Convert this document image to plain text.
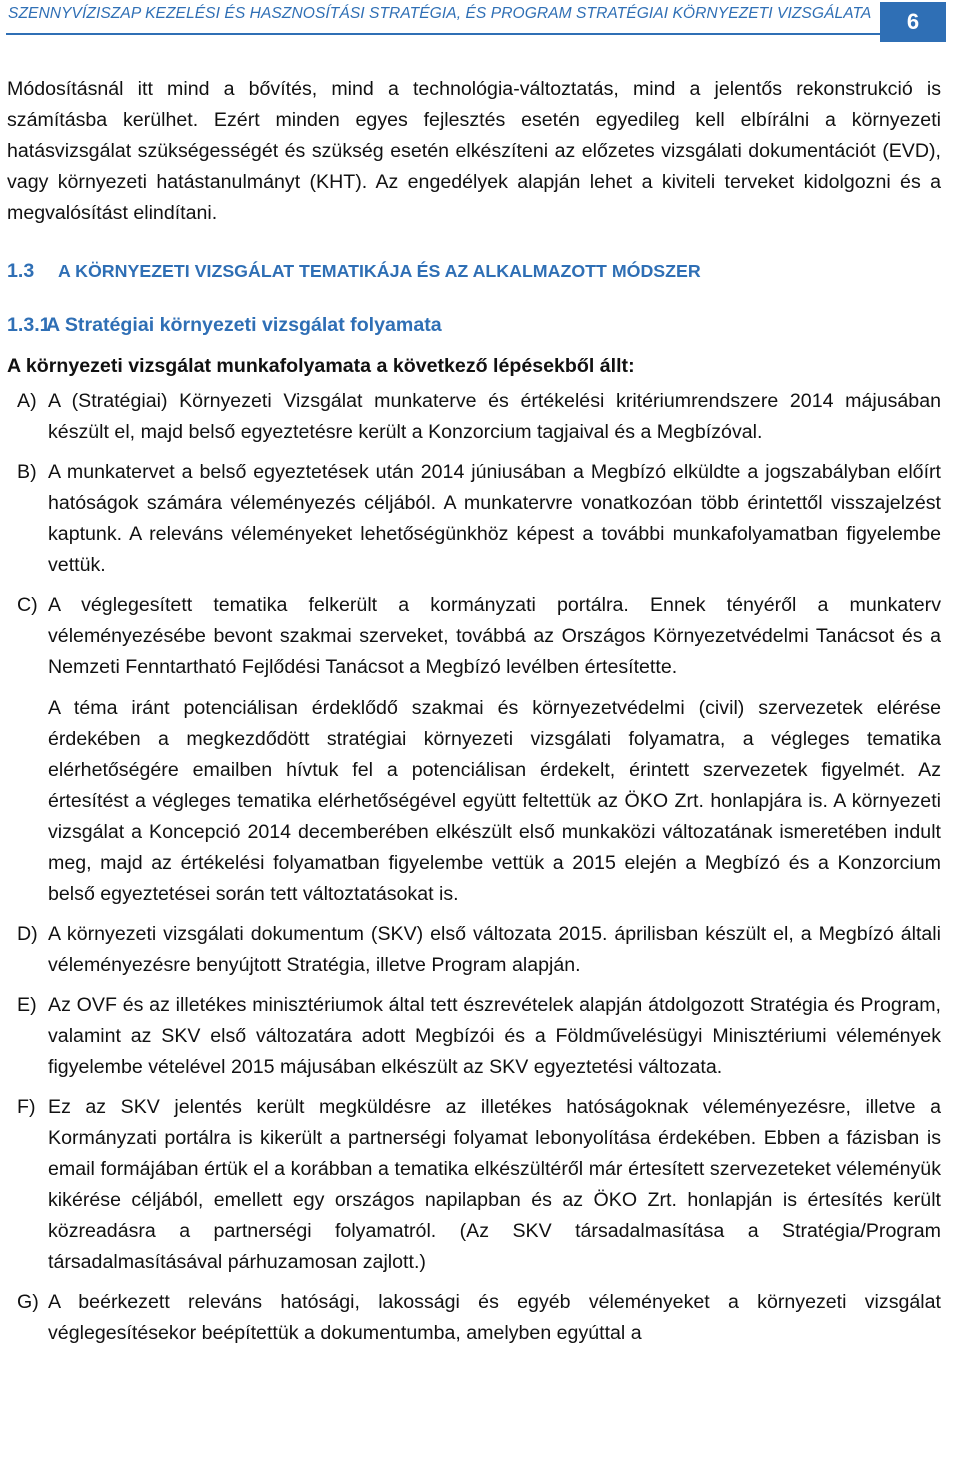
SZENNYVÍZISZAP KEZELÉSI ÉS HASZNOSÍTÁSI STRATÉGIA, ÉS PROGRAM STRATÉGIAI KÖRNYEZETI VIZSGÁLATA	6

Módosításnál itt mind a bővítés, mind a technológia-változtatás, mind a jelentős rekonstrukció is számításba kerülhet. Ezért minden egyes fejlesztés esetén egyedileg kell elbírálni a környezeti hatásvizsgálat szükségességét és szükség esetén elkészíteni az előzetes vizsgálati dokumentációt (EVD), vagy környezeti hatástanulmányt (KHT). Az engedélyek alapján lehet a kiviteli terveket kidolgozni és a megvalósítást elindítani.

1.3 A KÖRNYEZETI VIZSGÁLAT TEMATIKÁJA ÉS AZ ALKALMAZOTT MÓDSZER
1.3.1A Stratégiai környezeti vizsgálat folyamata
A környezeti vizsgálat munkafolyamata a következő lépésekből állt:
A) A (Stratégiai) Környezeti Vizsgálat munkaterve és értékelési kritériumrendszere 2014 májusában készült el, majd belső egyeztetésre került a Konzorcium tagjaival és a Megbízóval.
B) A munkatervet a belső egyeztetések után 2014 júniusában a Megbízó elküldte a jogszabályban előírt hatóságok számára véleményezés céljából. A munkatervre vonatkozóan több érintettől visszajelzést kaptunk. A releváns véleményeket lehetőségünkhöz képest a további munkafolyamatban figyelembe vettük.
C) A véglegesített tematika felkerült a kormányzati portálra. Ennek tényéről a munkaterv véleményezésébe bevont szakmai szerveket, továbbá az Országos Környezetvédelmi Tanácsot és a Nemzeti Fenntartható Fejlődési Tanácsot a Megbízó levélben értesítette.
A téma iránt potenciálisan érdeklődő szakmai és környezetvédelmi (civil) szervezetek elérése érdekében a megkezdődött stratégiai környezeti vizsgálati folyamatra, a végleges tematika elérhetőségére emailben hívtuk fel a potenciálisan érdekelt, érintett szervezetek figyelmét. Az értesítést a végleges tematika elérhetőségével együtt feltettük az ÖKO Zrt. honlapjára is. A környezeti vizsgálat a Koncepció 2014 decemberében elkészült első munkaközi változatának ismeretében indult meg, majd az értékelési folyamatban figyelembe vettük a 2015 elején a Megbízó és a Konzorcium belső egyeztetései során tett változtatásokat is.
D) A környezeti vizsgálati dokumentum (SKV) első változata 2015. áprilisban készült el, a Megbízó általi véleményezésre benyújtott Stratégia, illetve Program alapján.
E) Az OVF és az illetékes minisztériumok által tett észrevételek alapján átdolgozott Stratégia és Program, valamint az SKV első változatára adott Megbízói és a Földművelésügyi Minisztériumi vélemények figyelembe vételével 2015 májusában elkészült az SKV egyeztetési változata.
F) Ez az SKV jelentés került megküldésre az illetékes hatóságoknak véleményezésre, illetve a Kormányzati portálra is kikerült a partnerségi folyamat lebonyolítása érdekében. Ebben a fázisban is email formájában értük el a korábban a tematika elkészültéről már értesített szervezeteket véleményük kikérése céljából, emellett egy országos napilapban és az ÖKO Zrt. honlapján is értesítés került közreadásra a partnerségi folyamatról. (Az SKV társadalmasítása a Stratégia/Program társadalmasításával párhuzamosan zajlott.)
G) A beérkezett releváns hatósági, lakossági és egyéb véleményeket a környezeti vizsgálat véglegesítésekor beépítettük a dokumentumba, amelyben egyúttal a
